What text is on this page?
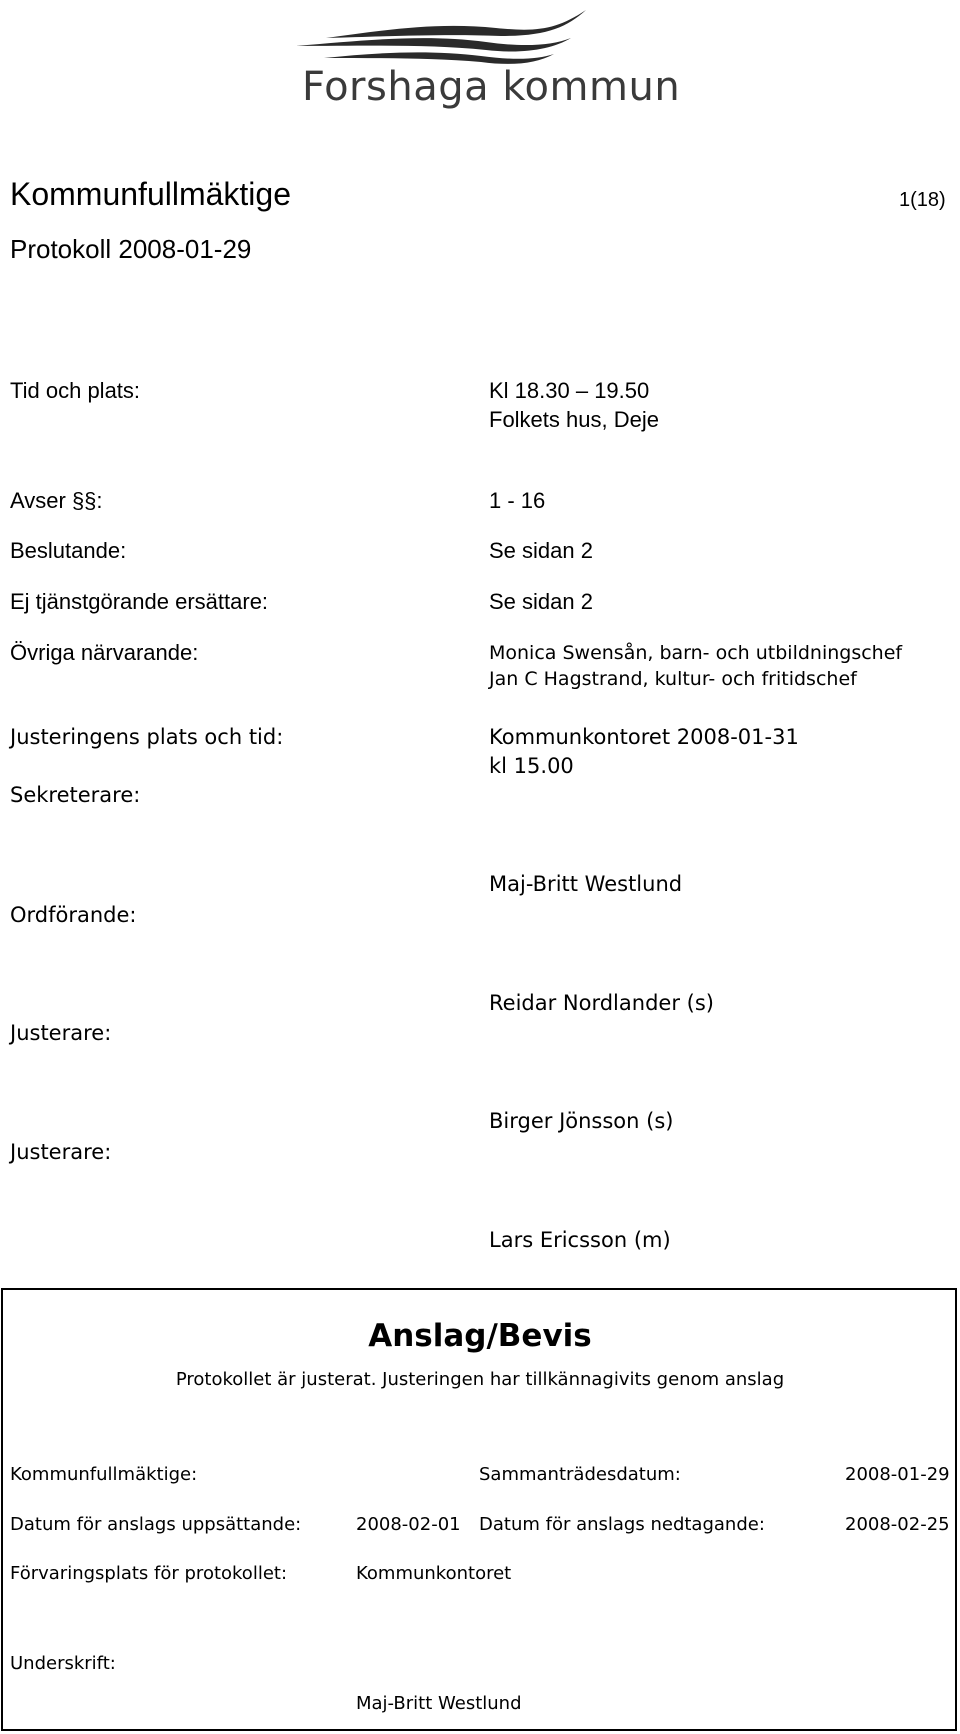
Forshaga kommun
Kommunfullmäktige	1(18)
Protokoll 2008-01-29
Tid och plats:	Kl 18.30 – 19.50
Folkets hus, Deje
Avser §§:	1 - 16
Beslutande:	Se sidan 2
Ej tjänstgörande ersättare:	Se sidan 2
Övriga närvarande:	Monica Swensån, barn- och utbildningschef
Jan C Hagstrand, kultur- och fritidschef
Justeringens plats och tid:	Kommunkontoret 2008-01-31
kl 15.00
Sekreterare:
Maj-Britt Westlund
Ordförande:
Reidar Nordlander (s)
Justerare:
Birger Jönsson (s)
Justerare:
Lars Ericsson (m)
Anslag/Bevis
Protokollet är justerat. Justeringen har tillkännagivits genom anslag
Kommunfullmäktige:	Sammanträdesdatum:	2008-01-29
Datum för anslags uppsättande:	2008-02-01 Datum för anslags nedtagande:	2008-02-25
Förvaringsplats för protokollet:	Kommunkontoret
Underskrift:
Maj-Britt Westlund
